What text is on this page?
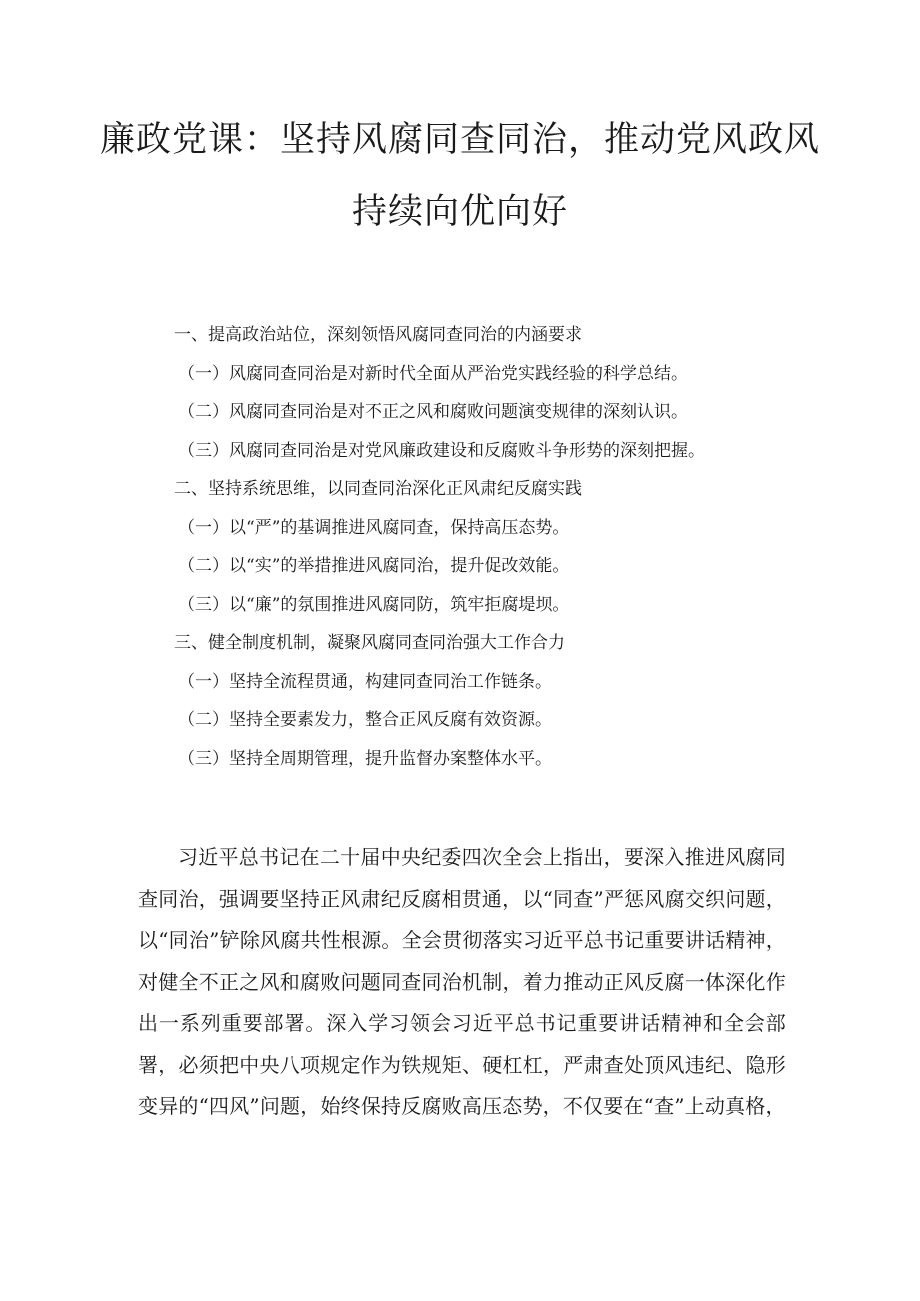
廉政党课：坚持风腐同查同治，推动党风政风持续向优向好
一、提高政治站位，深刻领悟风腐同查同治的内涵要求
（一）风腐同查同治是对新时代全面从严治党实践经验的科学总结。
（二）风腐同查同治是对不正之风和腐败问题演变规律的深刻认识。
（三）风腐同查同治是对党风廉政建设和反腐败斗争形势的深刻把握。
二、坚持系统思维，以同查同治深化正风肃纪反腐实践
（一）以“严”的基调推进风腐同查，保持高压态势。
（二）以“实”的举措推进风腐同治，提升促改效能。
（三）以“廉”的氛围推进风腐同防，筑牢拒腐堤坝。
三、健全制度机制，凝聚风腐同查同治强大工作合力
（一）坚持全流程贯通，构建同查同治工作链条。
（二）坚持全要素发力，整合正风反腐有效资源。
（三）坚持全周期管理，提升监督办案整体水平。

习近平总书记在二十届中央纪委四次全会上指出，要深入推进风腐同查同治，强调要坚持正风肃纪反腐相贯通，以“同查”严惩风腐交织问题，以“同治”铲除风腐共性根源。全会贯彻落实习近平总书记重要讲话精神，对健全不正之风和腐败问题同查同治机制，着力推动正风反腐一体深化作出一系列重要部署。深入学习领会习近平总书记重要讲话精神和全会部署，必须把中央八项规定作为铁规矩、硬杠杠，严肃查处顶风违纪、隐形变异的“四风”问题，始终保持反腐败高压态势，不仅要在“查”上动真格，
